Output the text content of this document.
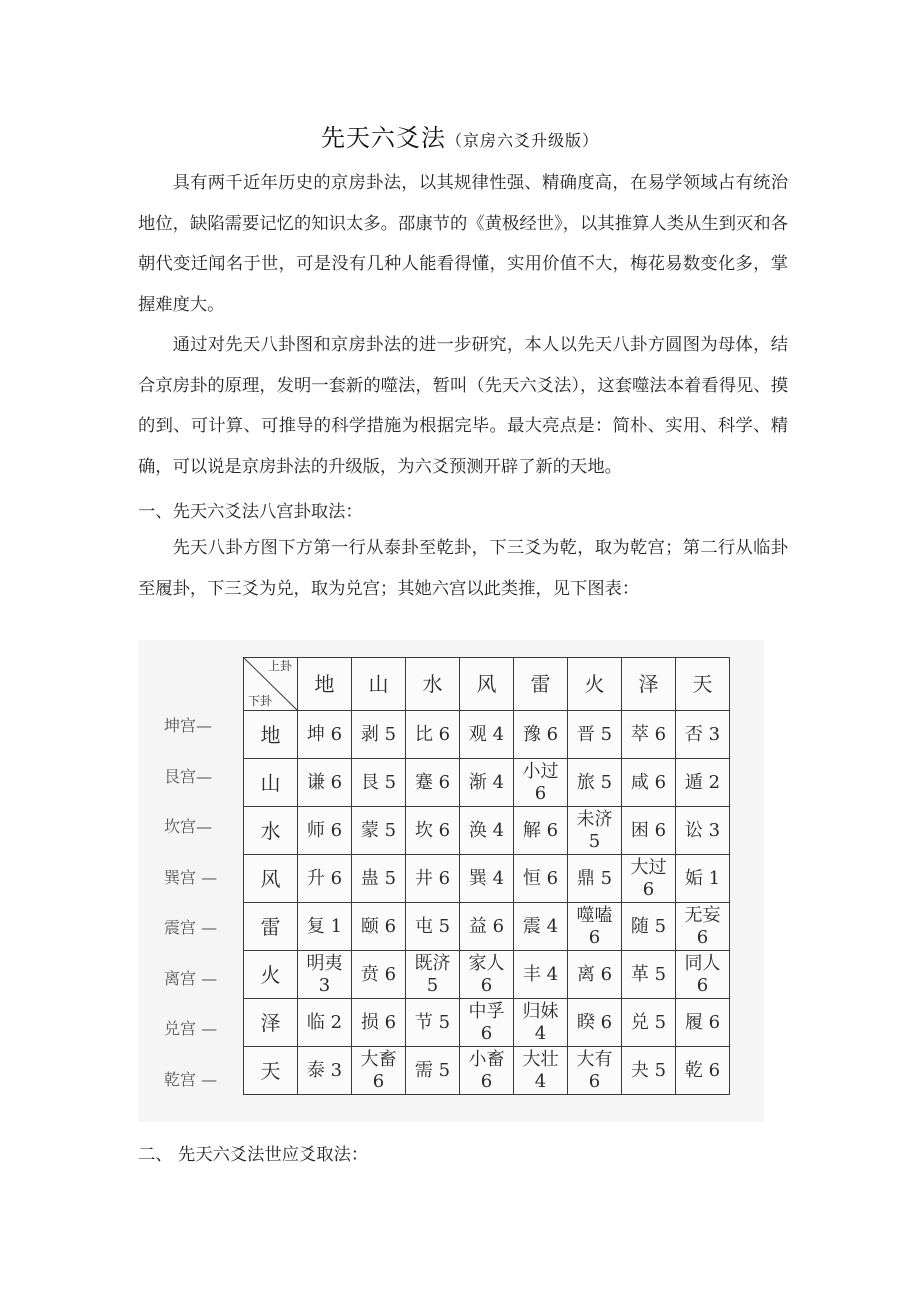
先天六爻法（京房六爻升级版）

具有两千近年历史的京房卦法，以其规律性强、精确度高，在易学领域占有统治地位，缺陷需要记忆的知识太多。邵康节的《黄极经世》，以其推算人类从生到灭和各朝代变迁闻名于世，可是没有几种人能看得懂，实用价值不大，梅花易数变化多，掌握难度大。

通过对先天八卦图和京房卦法的进一步研究，本人以先天八卦方圆图为母体，结合京房卦的原理，发明一套新的噬法，暂叫（先天六爻法），这套噬法本着看得见、摸的到、可计算、可推导的科学措施为根据完毕。最大亮点是：简朴、实用、科学、精确，可以说是京房卦法的升级版，为六爻预测开辟了新的天地。

一、先天六爻法八宫卦取法：

先天八卦方图下方第一行从泰卦至乾卦，下三爻为乾，取为乾宫；第二行从临卦至履卦，下三爻为兑，取为兑宫；其她六宫以此类推，见下图表：

坤宫—
艮宫—
坎宫—
巽宫 —
震宫 —
离宫 —
兑宫 —
乾宫 —
上卦
下卦	地	山	水	风	雷	火	泽	天
地	坤 6	剥 5	比 6	观 4	豫 6	晋 5	萃 6	否 3
山	谦 6	艮 5	蹇 6	渐 4	小过 6	旅 5	咸 6	遁 2
水	师 6	蒙 5	坎 6	涣 4	解 6	未济 5	困 6	讼 3
风	升 6	蛊 5	井 6	巽 4	恒 6	鼎 5	大过 6	姤 1
雷	复 1	颐 6	屯 5	益 6	震 4	噬嗑 6	随 5	无妄 6
火	明夷 3	贲 6	既济 5	家人 6	丰 4	离 6	革 5	同人 6
泽	临 2	损 6	节 5	中孚 6	归妹 4	睽 6	兑 5	履 6
天	泰 3	大畜 6	需 5	小畜 6	大壮 4	大有 6	夬 5	乾 6

二、 先天六爻法世应爻取法：
